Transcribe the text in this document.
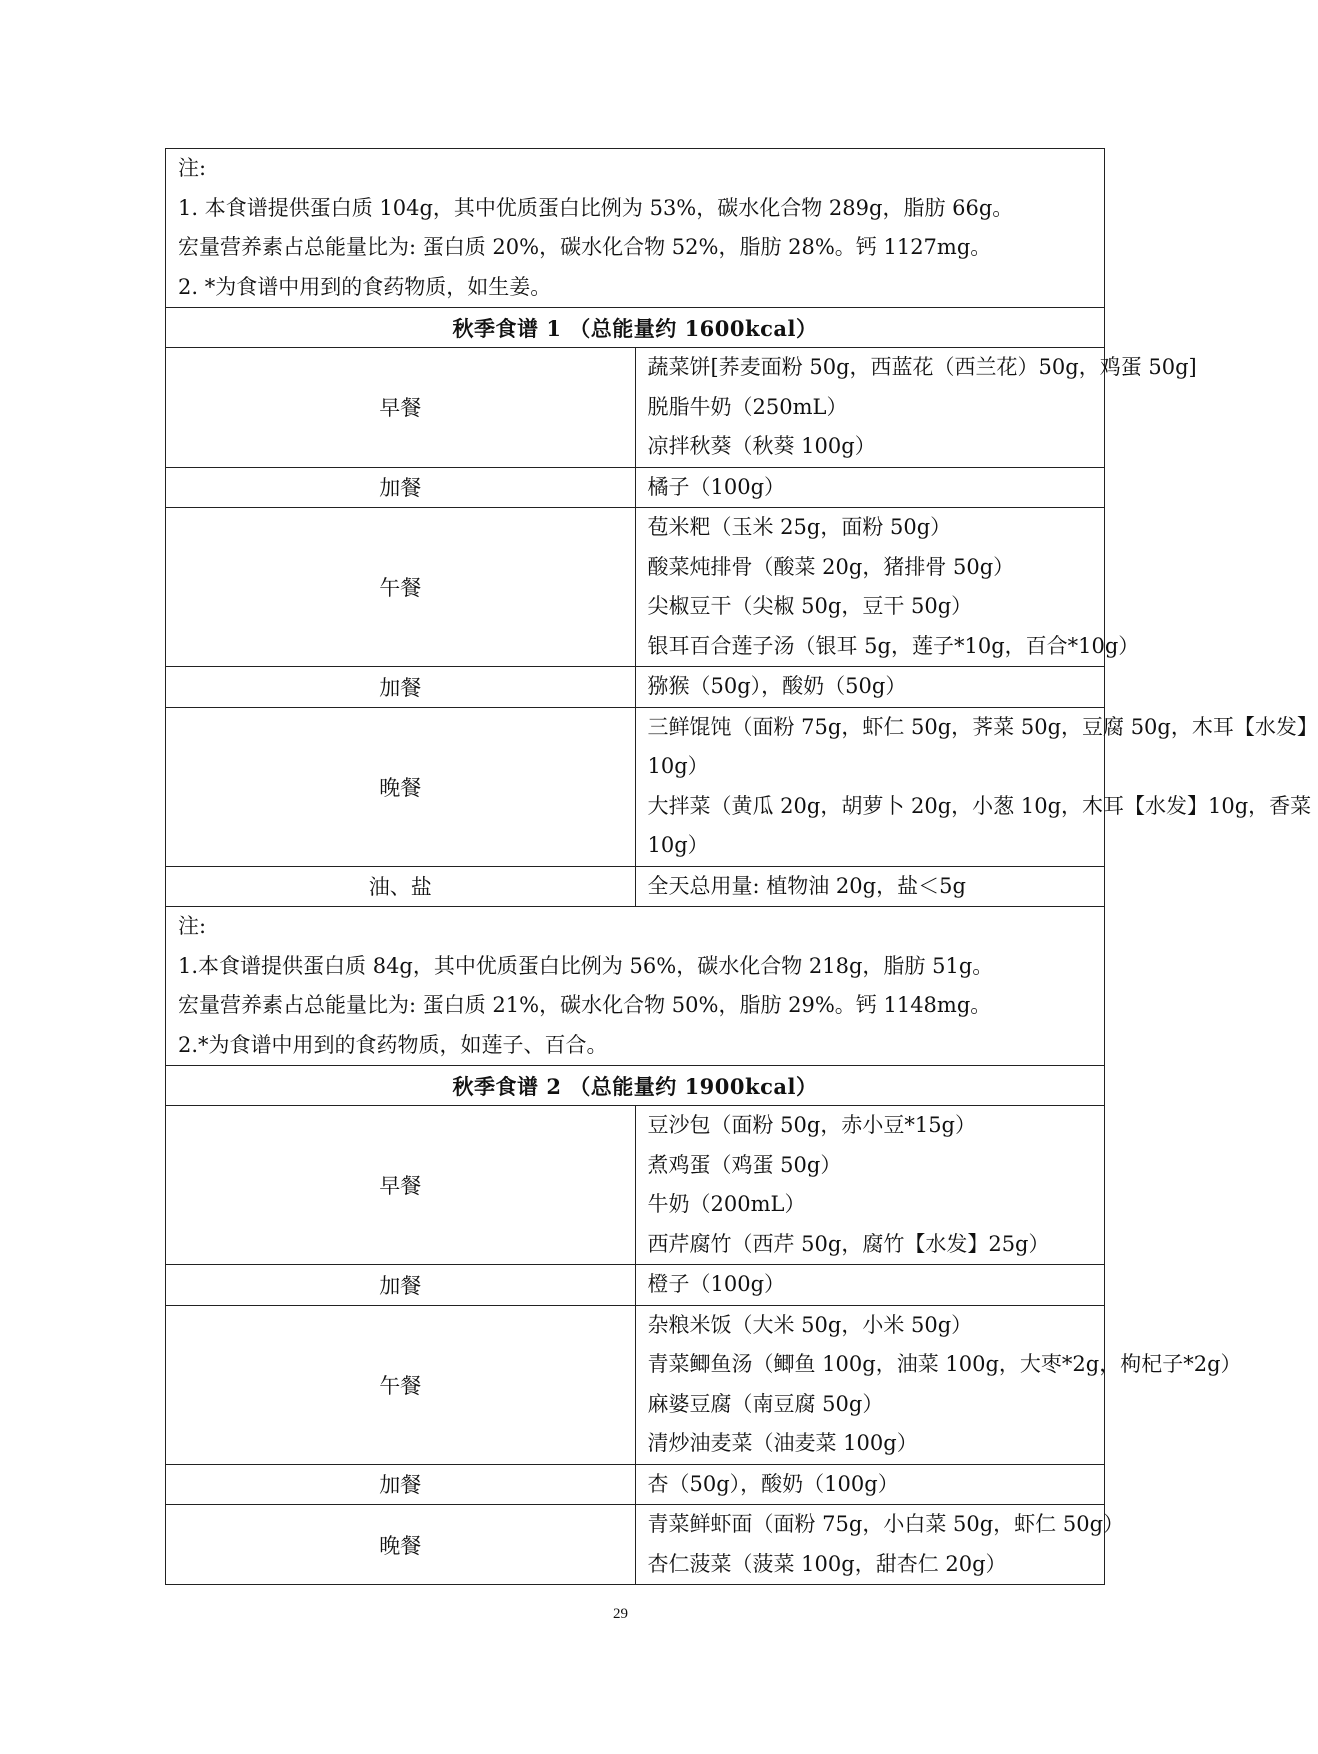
注:
1. 本食谱提供蛋白质 104g，其中优质蛋白比例为 53%，碳水化合物 289g，脂肪 66g。
宏量营养素占总能量比为: 蛋白质 20%，碳水化合物 52%，脂肪 28%。钙 1127mg。
2. *为食谱中用到的食药物质，如生姜。	

秋季食谱 1 （总能量约 1600kcal）	
早餐	蔬菜饼[荞麦面粉 50g，西蓝花（西兰花）50g，鸡蛋 50g]
脱脂牛奶（250mL）
凉拌秋葵（秋葵 100g）

加餐	橘子（100g）

午餐	苞米粑（玉米 25g，面粉 50g）
酸菜炖排骨（酸菜 20g，猪排骨 50g）
尖椒豆干（尖椒 50g，豆干 50g）
银耳百合莲子汤（银耳 5g，莲子*10g，百合*10g）

加餐	猕猴（50g），酸奶（50g）

晚餐	三鲜馄饨（面粉 75g，虾仁 50g，荠菜 50g，豆腐 50g，木耳【水发】
10g）
大拌菜（黄瓜 20g，胡萝卜 20g，小葱 10g，木耳【水发】10g，香菜
10g）

油、盐	全天总用量: 植物油 20g，盐＜5g

注:
1.本食谱提供蛋白质 84g，其中优质蛋白比例为 56%，碳水化合物 218g，脂肪 51g。
宏量营养素占总能量比为: 蛋白质 21%，碳水化合物 50%，脂肪 29%。钙 1148mg。
2.*为食谱中用到的食药物质，如莲子、百合。	

秋季食谱 2 （总能量约 1900kcal）	
早餐	豆沙包（面粉 50g，赤小豆*15g）
煮鸡蛋（鸡蛋 50g）
牛奶（200mL）
西芹腐竹（西芹 50g，腐竹【水发】25g）

加餐	橙子（100g）

午餐	杂粮米饭（大米 50g，小米 50g）
青菜鲫鱼汤（鲫鱼 100g，油菜 100g，大枣*2g，枸杞子*2g）
麻婆豆腐（南豆腐 50g）
清炒油麦菜（油麦菜 100g）

加餐	杏（50g），酸奶（100g）

晚餐	青菜鲜虾面（面粉 75g，小白菜 50g，虾仁 50g）
杏仁菠菜（菠菜 100g，甜杏仁 20g）
29
